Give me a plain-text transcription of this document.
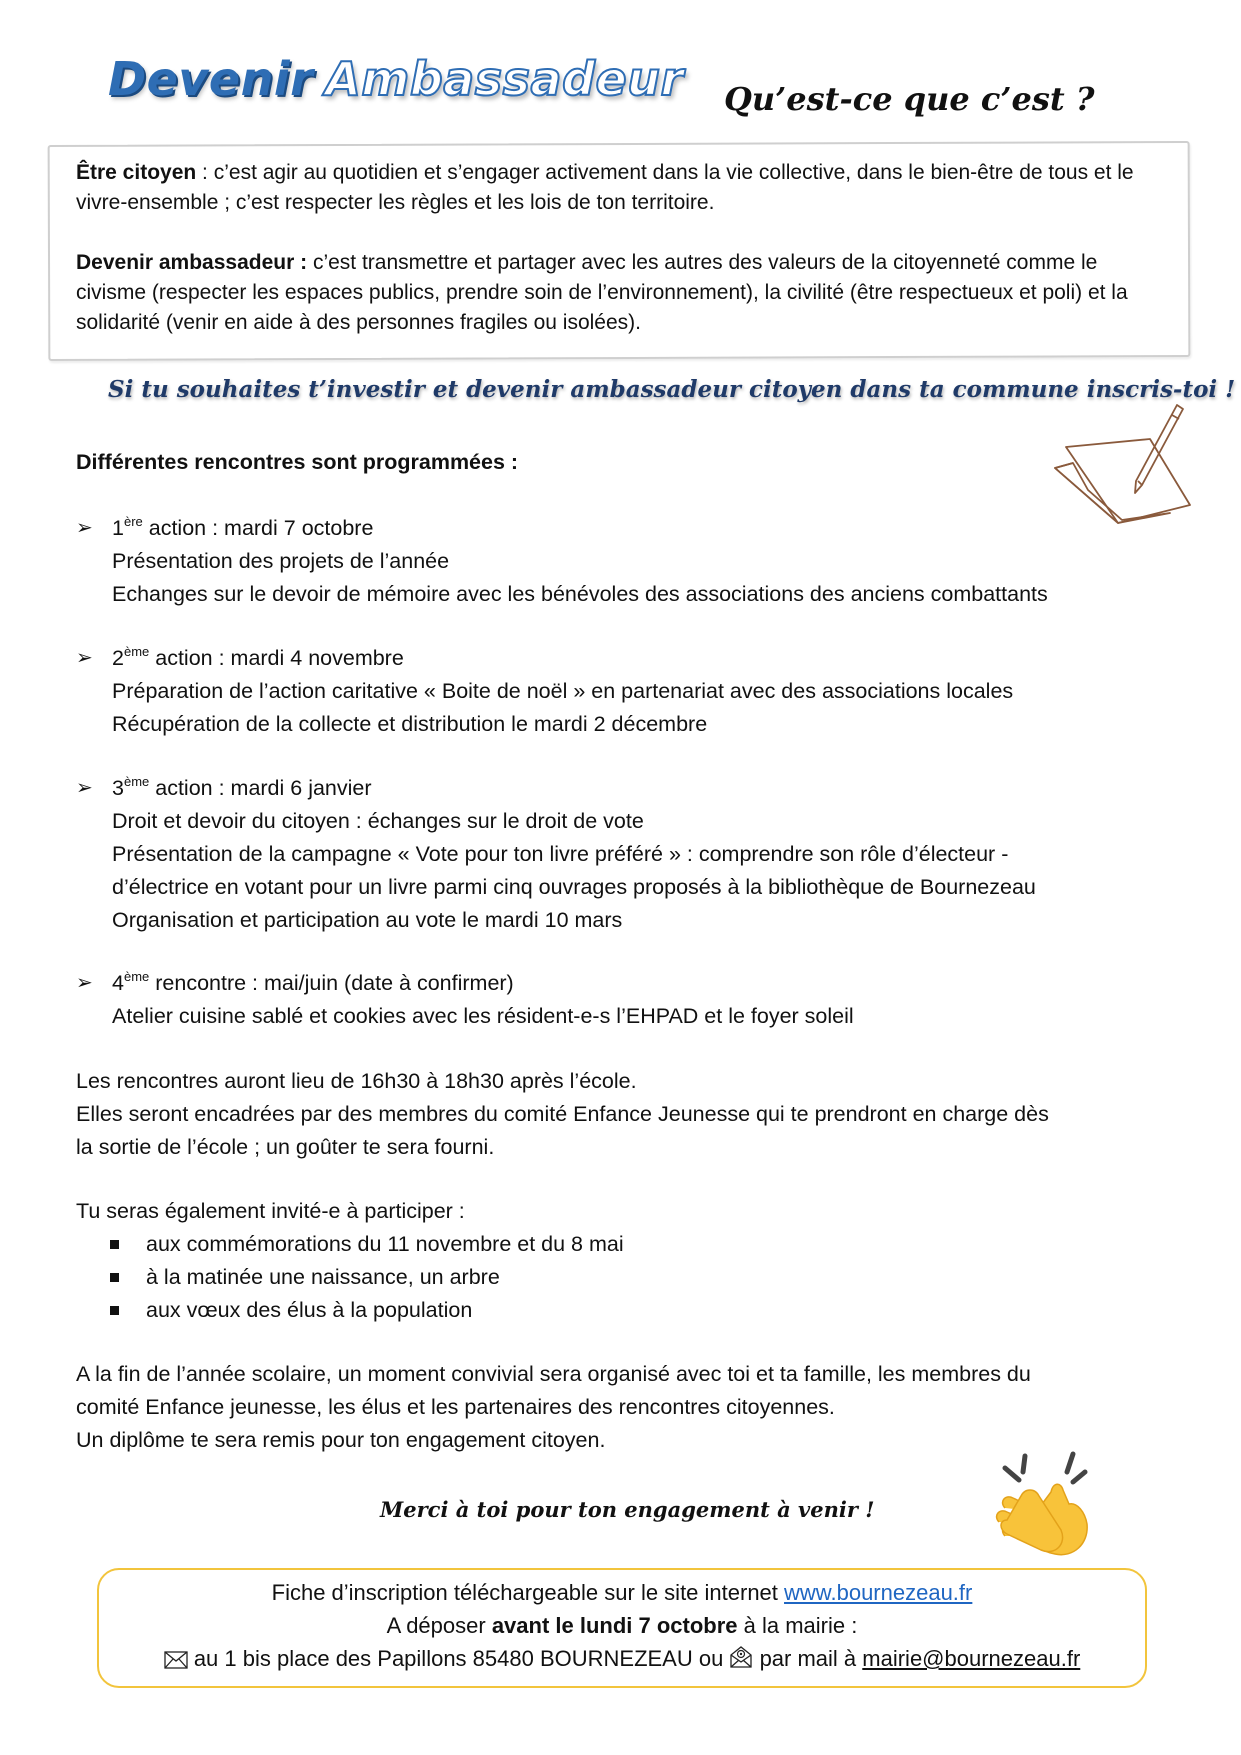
Devenir Ambassadeur Qu’est-ce que c’est ?

Être citoyen : c’est agir au quotidien et s’engager activement dans la vie collective, dans le bien-être de tous et le vivre-ensemble ; c’est respecter les règles et les lois de ton territoire.

Devenir ambassadeur : c’est transmettre et partager avec les autres des valeurs de la citoyenneté comme le civisme (respecter les espaces publics, prendre soin de l’environnement), la civilité (être respectueux et poli) et la solidarité (venir en aide à des personnes fragiles ou isolées).

Si tu souhaites t’investir et devenir ambassadeur citoyen dans ta commune inscris-toi !
Différentes rencontres sont programmées :
➢ 1ère action : mardi 7 octobre
Présentation des projets de l’année
Echanges sur le devoir de mémoire avec les bénévoles des associations des anciens combattants
➢ 2ème action : mardi 4 novembre
Préparation de l’action caritative « Boite de noël » en partenariat avec des associations locales
Récupération de la collecte et distribution le mardi 2 décembre
➢ 3ème action : mardi 6 janvier
Droit et devoir du citoyen : échanges sur le droit de vote
Présentation de la campagne « Vote pour ton livre préféré » : comprendre son rôle d’électeur -
d’électrice en votant pour un livre parmi cinq ouvrages proposés à la bibliothèque de Bournezeau
Organisation et participation au vote le mardi 10 mars
➢ 4ème rencontre : mai/juin (date à confirmer)
Atelier cuisine sablé et cookies avec les résident-e-s l’EHPAD et le foyer soleil
Les rencontres auront lieu de 16h30 à 18h30 après l’école.
Elles seront encadrées par des membres du comité Enfance Jeunesse qui te prendront en charge dès
la sortie de l’école ; un goûter te sera fourni.
Tu seras également invité-e à participer :
aux commémorations du 11 novembre et du 8 mai
à la matinée une naissance, un arbre
aux vœux des élus à la population
A la fin de l’année scolaire, un moment convivial sera organisé avec toi et ta famille, les membres du
comité Enfance jeunesse, les élus et les partenaires des rencontres citoyennes.
Un diplôme te sera remis pour ton engagement citoyen.
Merci à toi pour ton engagement à venir !
Fiche d’inscription téléchargeable sur le site internet www.bournezeau.fr
A déposer avant le lundi 7 octobre à la mairie :
au 1 bis place des Papillons 85480 BOURNEZEAU ou  par mail à mairie@bournezeau.fr
